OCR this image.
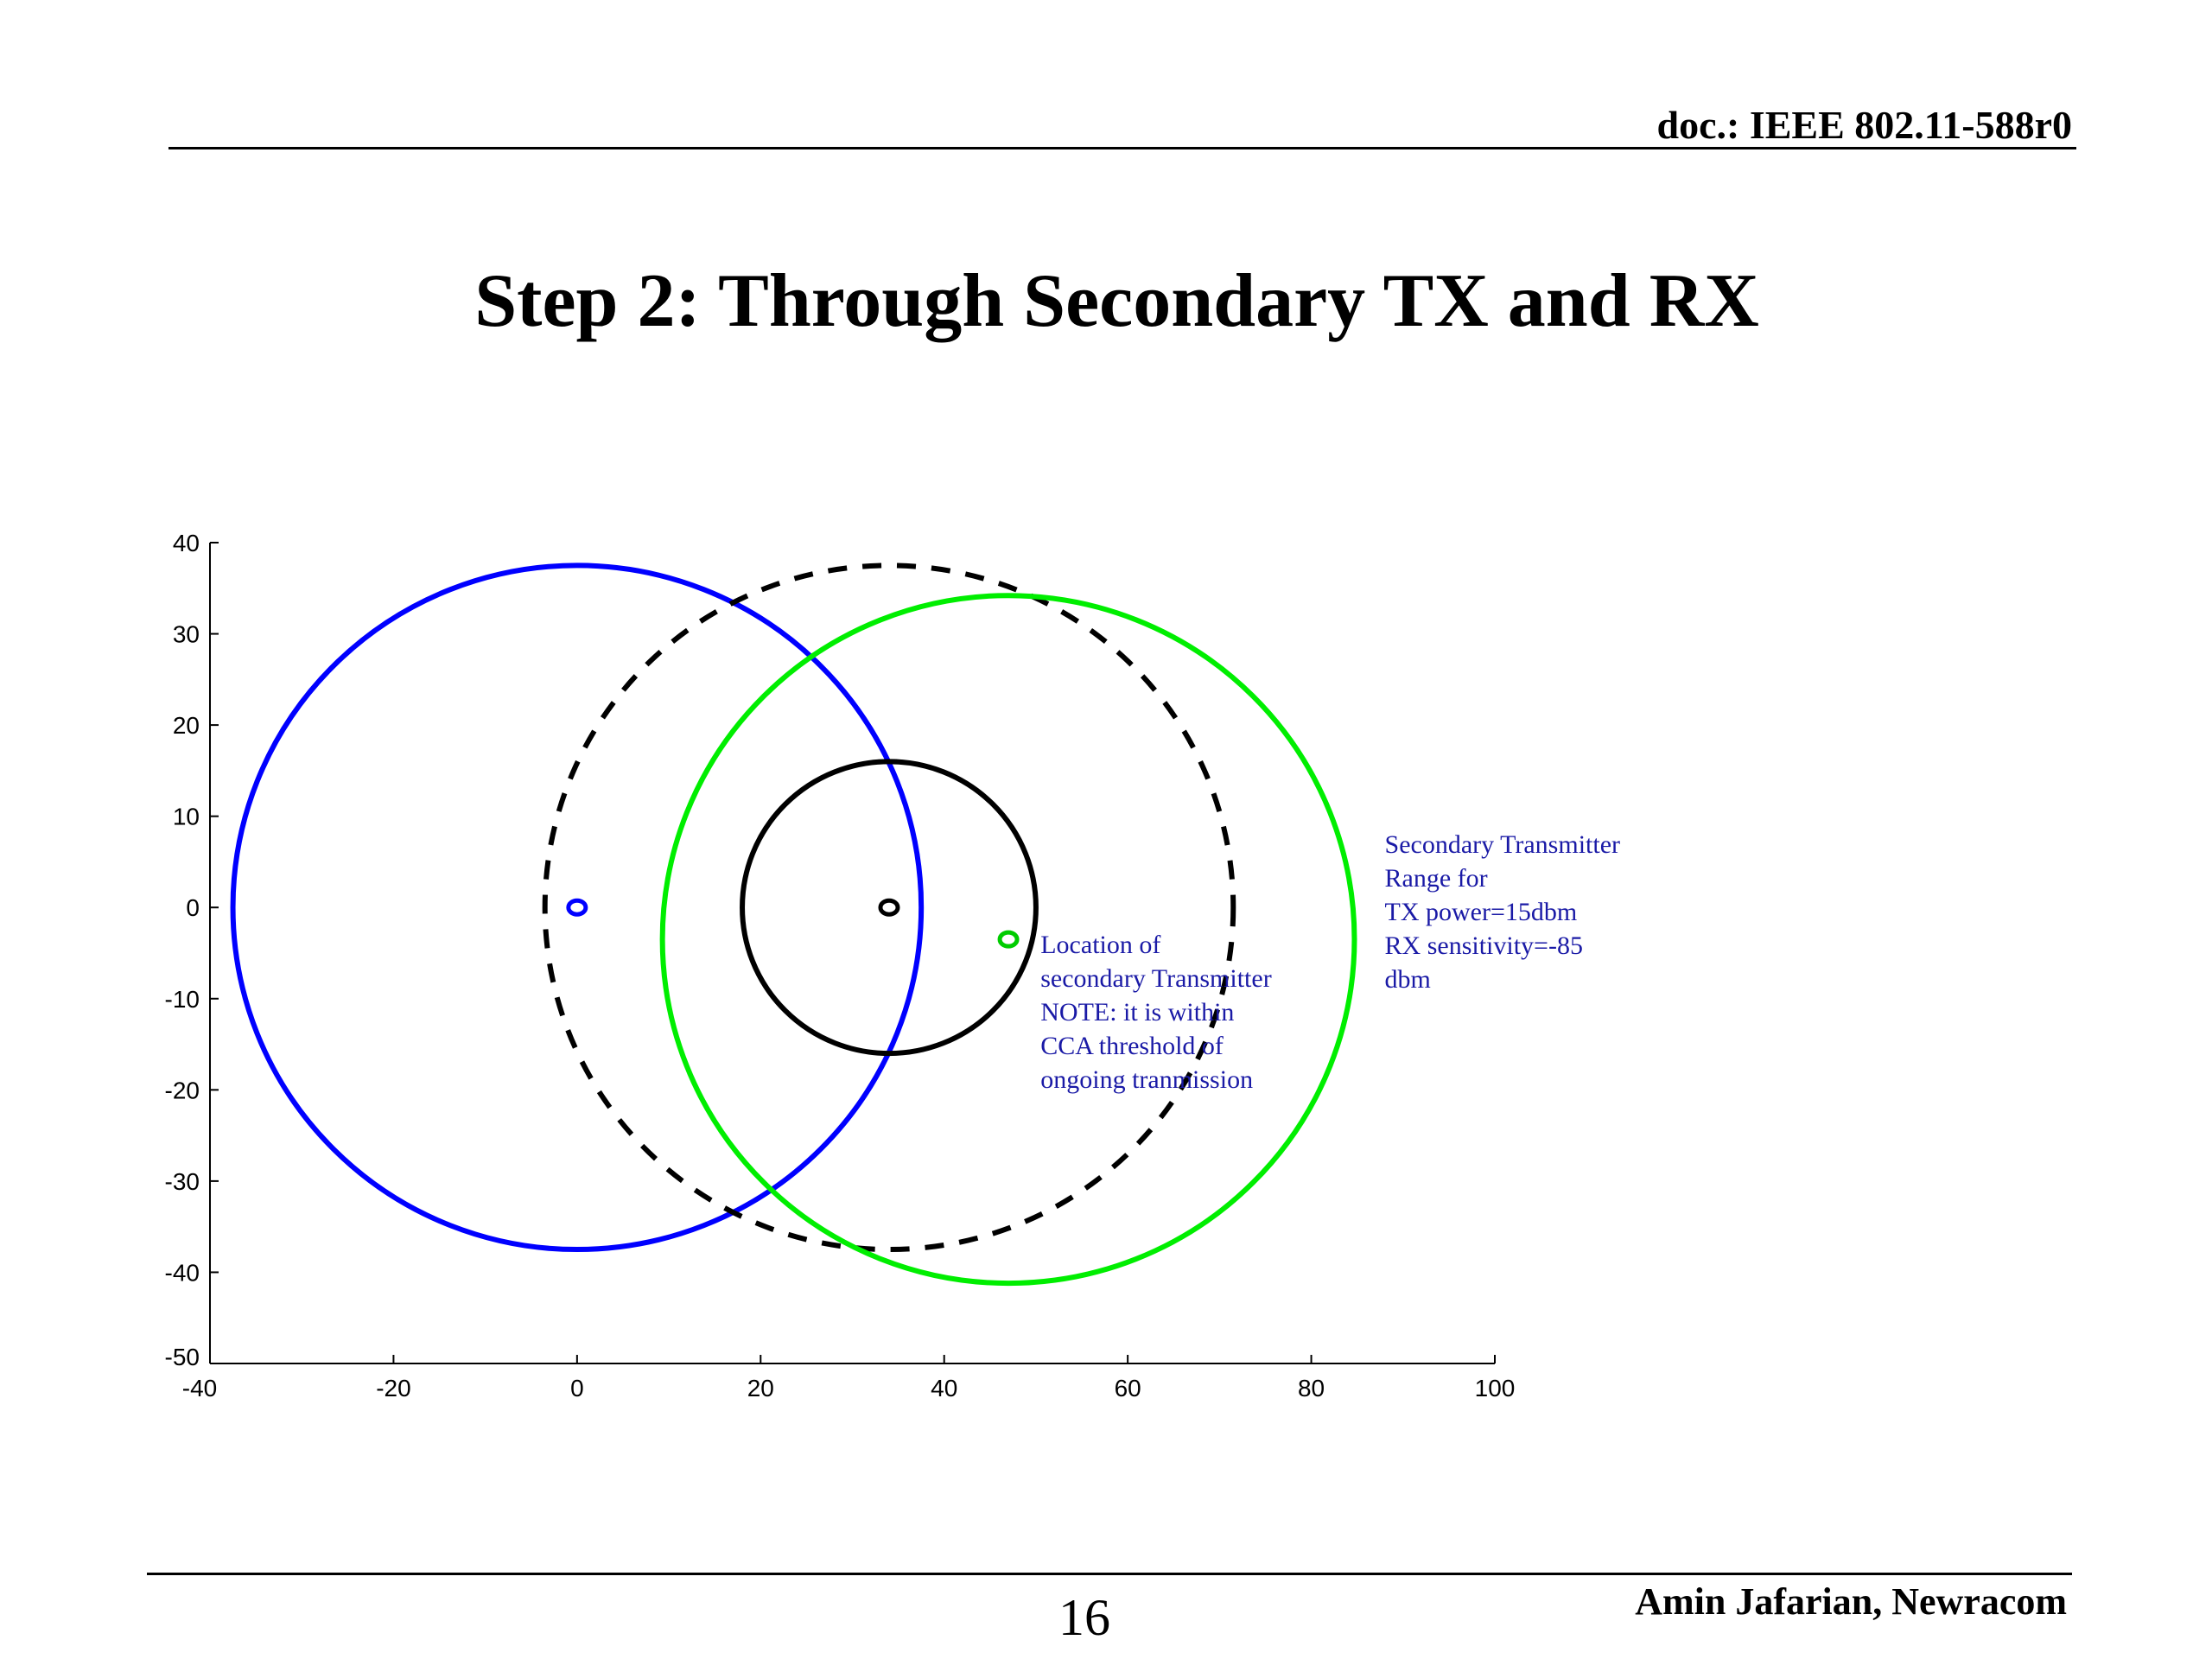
doc.: IEEE 802.11-588r0
Step 2: Through Secondary TX and RX
-40	-20	0	20	40	60	80	100
-50
-40
-30
-20
-10
0
10
20
30
40
Location of secondary Transmitter NOTE: it is within CCA threshold of ongoing tranmission
Secondary Transmitter Range for TX power=15dbm RX sensitivity=-85 dbm
16	Amin Jafarian, Newracom
